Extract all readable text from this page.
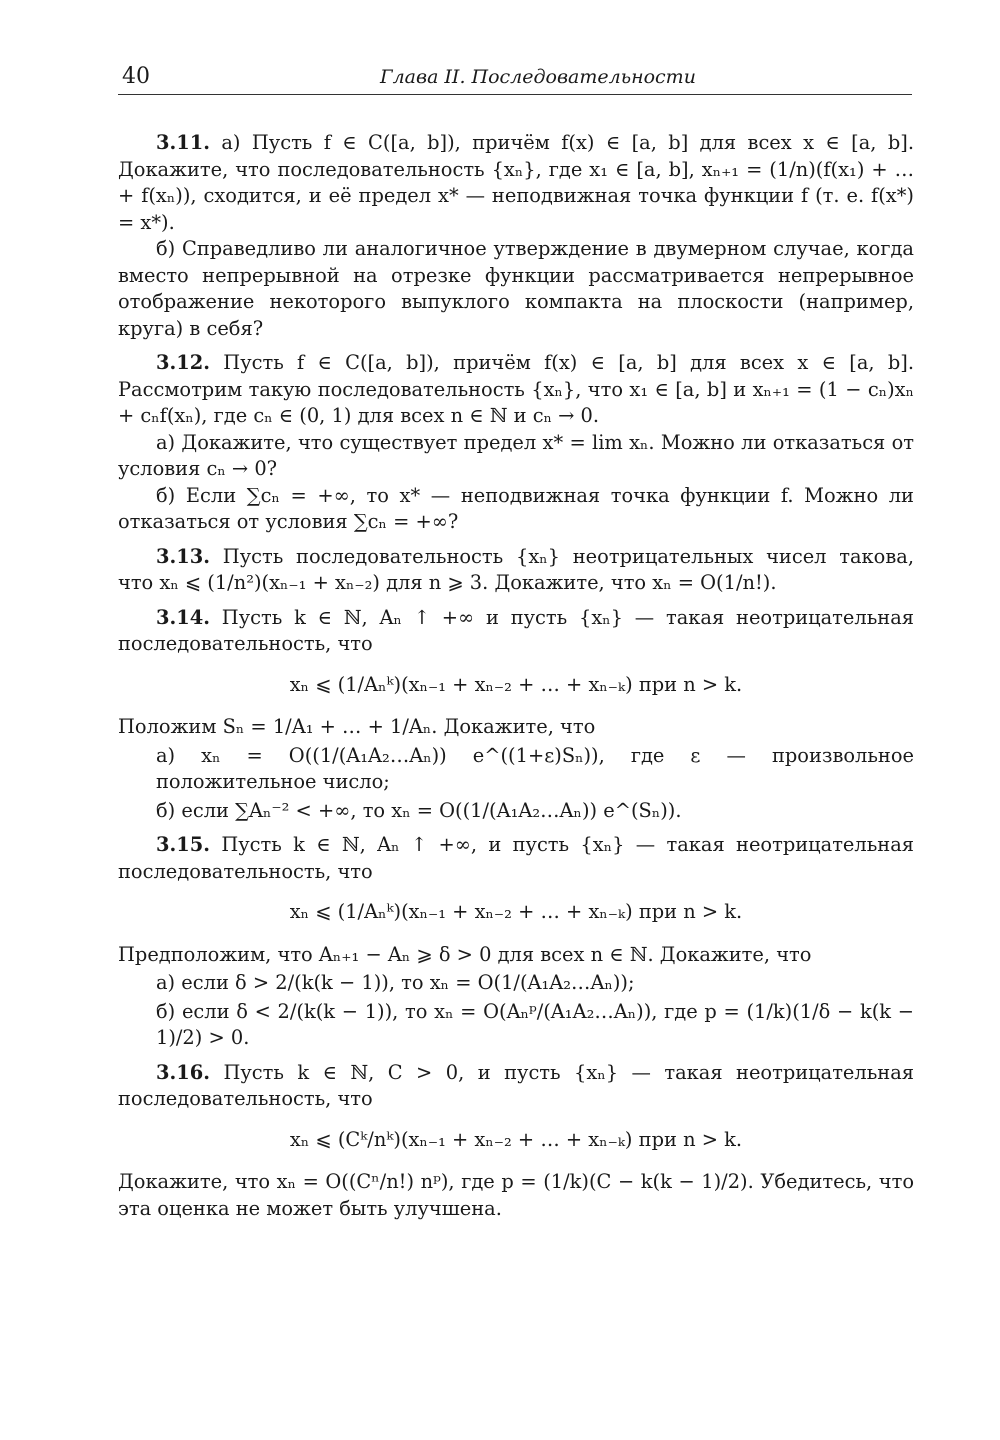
40	Глава II. Последовательности

3.11. а) Пусть f ∈ C([a, b]), причём f(x) ∈ [a, b] для всех x ∈ [a, b]. Докажите, что последовательность {xₙ}, где x₁ ∈ [a, b], xₙ₊₁ = (1/n)(f(x₁) + … + f(xₙ)), сходится, и её предел x* — неподвижная точка функции f (т. е. f(x*) = x*).

б) Справедливо ли аналогичное утверждение в двумерном случае, когда вместо непрерывной на отрезке функции рассматривается непрерывное отображение некоторого выпуклого компакта на плоскости (например, круга) в себя?

3.12. Пусть f ∈ C([a, b]), причём f(x) ∈ [a, b] для всех x ∈ [a, b]. Рассмотрим такую последовательность {xₙ}, что x₁ ∈ [a, b] и xₙ₊₁ = (1 − cₙ)xₙ + cₙf(xₙ), где cₙ ∈ (0, 1) для всех n ∈ ℕ и cₙ → 0.

а) Докажите, что существует предел x* = lim xₙ. Можно ли отказаться от условия cₙ → 0?

б) Если ∑cₙ = +∞, то x* — неподвижная точка функции f. Можно ли отказаться от условия ∑cₙ = +∞?

3.13. Пусть последовательность {xₙ} неотрицательных чисел такова, что xₙ ⩽ (1/n²)(xₙ₋₁ + xₙ₋₂) для n ⩾ 3. Докажите, что xₙ = O(1/n!).

3.14. Пусть k ∈ ℕ, Aₙ ↑ +∞ и пусть {xₙ} — такая неотрицательная последовательность, что

xₙ ⩽ (1/Aₙᵏ)(xₙ₋₁ + xₙ₋₂ + … + xₙ₋ₖ) при n > k.

Положим Sₙ = 1/A₁ + … + 1/Aₙ. Докажите, что

а) xₙ = O((1/(A₁A₂…Aₙ)) e^((1+ε)Sₙ)), где ε — произвольное положительное число;

б) если ∑Aₙ⁻² < +∞, то xₙ = O((1/(A₁A₂…Aₙ)) e^(Sₙ)).

3.15. Пусть k ∈ ℕ, Aₙ ↑ +∞, и пусть {xₙ} — такая неотрицательная последовательность, что

xₙ ⩽ (1/Aₙᵏ)(xₙ₋₁ + xₙ₋₂ + … + xₙ₋ₖ) при n > k.

Предположим, что Aₙ₊₁ − Aₙ ⩾ δ > 0 для всех n ∈ ℕ. Докажите, что

а) если δ > 2/(k(k − 1)), то xₙ = O(1/(A₁A₂…Aₙ));

б) если δ < 2/(k(k − 1)), то xₙ = O(Aₙᵖ/(A₁A₂…Aₙ)), где p = (1/k)(1/δ − k(k − 1)/2) > 0.

3.16. Пусть k ∈ ℕ, C > 0, и пусть {xₙ} — такая неотрицательная последовательность, что

xₙ ⩽ (Cᵏ/nᵏ)(xₙ₋₁ + xₙ₋₂ + … + xₙ₋ₖ) при n > k.

Докажите, что xₙ = O((Cⁿ/n!) nᵖ), где p = (1/k)(C − k(k − 1)/2). Убедитесь, что эта оценка не может быть улучшена.
